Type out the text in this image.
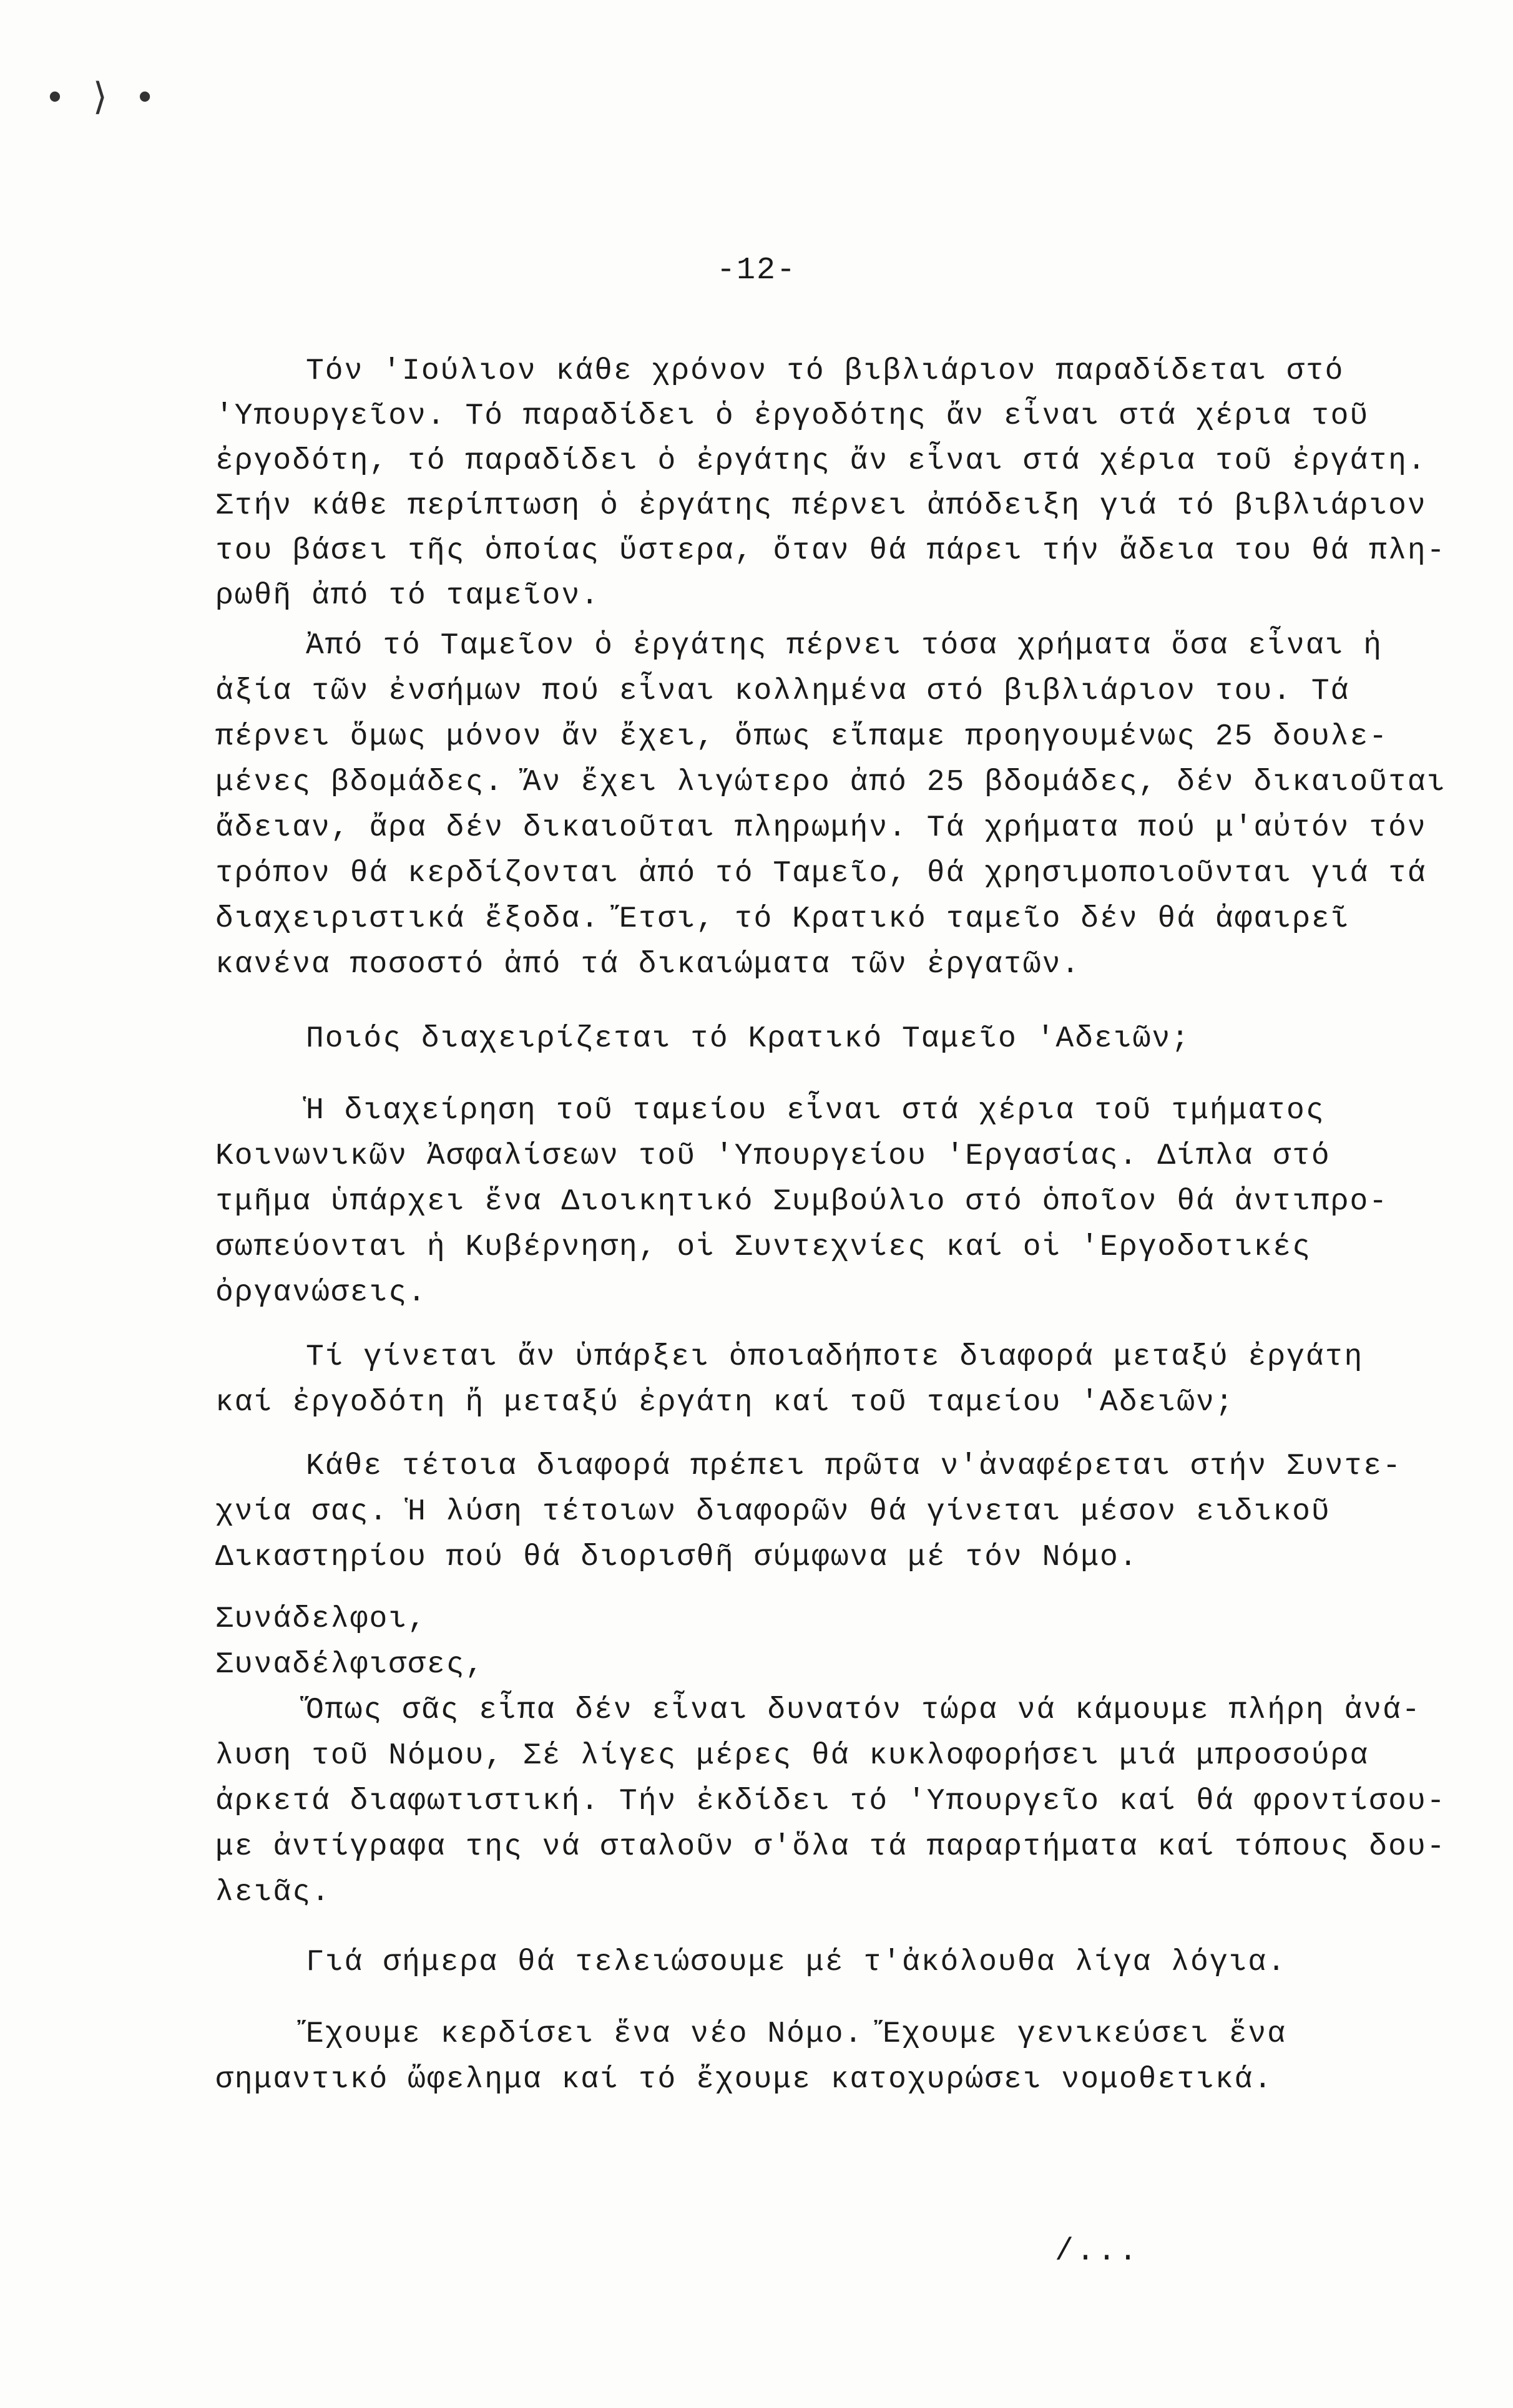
• ⟩ •
-12-
Τόν 'Ιούλιον κάθε χρόνον τό βιβλιάριον παραδίδεται στό
'Υπουργεῖον. Τό παραδίδει ὁ ἐργοδότης ἄν εἶναι στά χέρια τοῦ
ἐργοδότη, τό παραδίδει ὁ ἐργάτης ἄν εἶναι στά χέρια τοῦ ἐργάτη.
Στήν κάθε περίπτωση ὁ ἐργάτης πέρνει ἀπόδειξη γιά τό βιβλιάριον
του βάσει τῆς ὁποίας ὕστερα, ὅταν θά πάρει τήν ἄδεια του θά πλη-
ρωθῆ ἀπό τό ταμεῖον.
Ἀπό τό Ταμεῖον ὁ ἐργάτης πέρνει τόσα χρήματα ὅσα εἶναι ἡ
ἀξία τῶν ἐνσήμων πού εἶναι κολλημένα στό βιβλιάριον του. Τά
πέρνει ὅμως μόνον ἄν ἔχει, ὅπως εἴπαμε προηγουμένως 25 δουλε-
μένες βδομάδες. Ἄν ἔχει λιγώτερο ἀπό 25 βδομάδες, δέν δικαιοῦται
ἄδειαν, ἄρα δέν δικαιοῦται πληρωμήν. Τά χρήματα πού μ'αὐτόν τόν
τρόπον θά κερδίζονται ἀπό τό Ταμεῖο, θά χρησιμοποιοῦνται γιά τά
διαχειριστικά ἔξοδα. Ἔτσι, τό Κρατικό ταμεῖο δέν θά ἀφαιρεῖ
κανένα ποσοστό ἀπό τά δικαιώματα τῶν ἐργατῶν.
Ποιός διαχειρίζεται τό Κρατικό Ταμεῖο 'Αδειῶν;
Ἡ διαχείρηση τοῦ ταμείου εἶναι στά χέρια τοῦ τμήματος
Κοινωνικῶν Ἀσφαλίσεων τοῦ 'Υπουργείου 'Εργασίας. Δίπλα στό
τμῆμα ὑπάρχει ἕνα Διοικητικό Συμβούλιο στό ὁποῖον θά ἀντιπρο-
σωπεύονται ἡ Κυβέρνηση, οἱ Συντεχνίες καί οἱ 'Εργοδοτικές
ὀργανώσεις.
Τί γίνεται ἄν ὑπάρξει ὁποιαδήποτε διαφορά μεταξύ ἐργάτη
καί ἐργοδότη ἤ μεταξύ ἐργάτη καί τοῦ ταμείου 'Αδειῶν;
Κάθε τέτοια διαφορά πρέπει πρῶτα ν'ἀναφέρεται στήν Συντε-
χνία σας. Ἡ λύση τέτοιων διαφορῶν θά γίνεται μέσον ειδικοῦ
Δικαστηρίου πού θά διορισθῆ σύμφωνα μέ τόν Νόμο.
Συνάδελφοι,
Συναδέλφισσες,
Ὅπως σᾶς εἶπα δέν εἶναι δυνατόν τώρα νά κάμουμε πλήρη ἀνά-
λυση τοῦ Νόμου, Σέ λίγες μέρες θά κυκλοφορήσει μιά μπροσούρα
ἀρκετά διαφωτιστική. Τήν ἐκδίδει τό 'Υπουργεῖο καί θά φροντίσου-
με ἀντίγραφα της νά σταλοῦν σ'ὅλα τά παραρτήματα καί τόπους δου-
λειᾶς.
Γιά σήμερα θά τελειώσουμε μέ τ'ἀκόλουθα λίγα λόγια.
Ἔχουμε κερδίσει ἕνα νέο Νόμο. Ἔχουμε γενικεύσει ἕνα
σημαντικό ὤφελημα καί τό ἔχουμε κατοχυρώσει νομοθετικά.
/...
